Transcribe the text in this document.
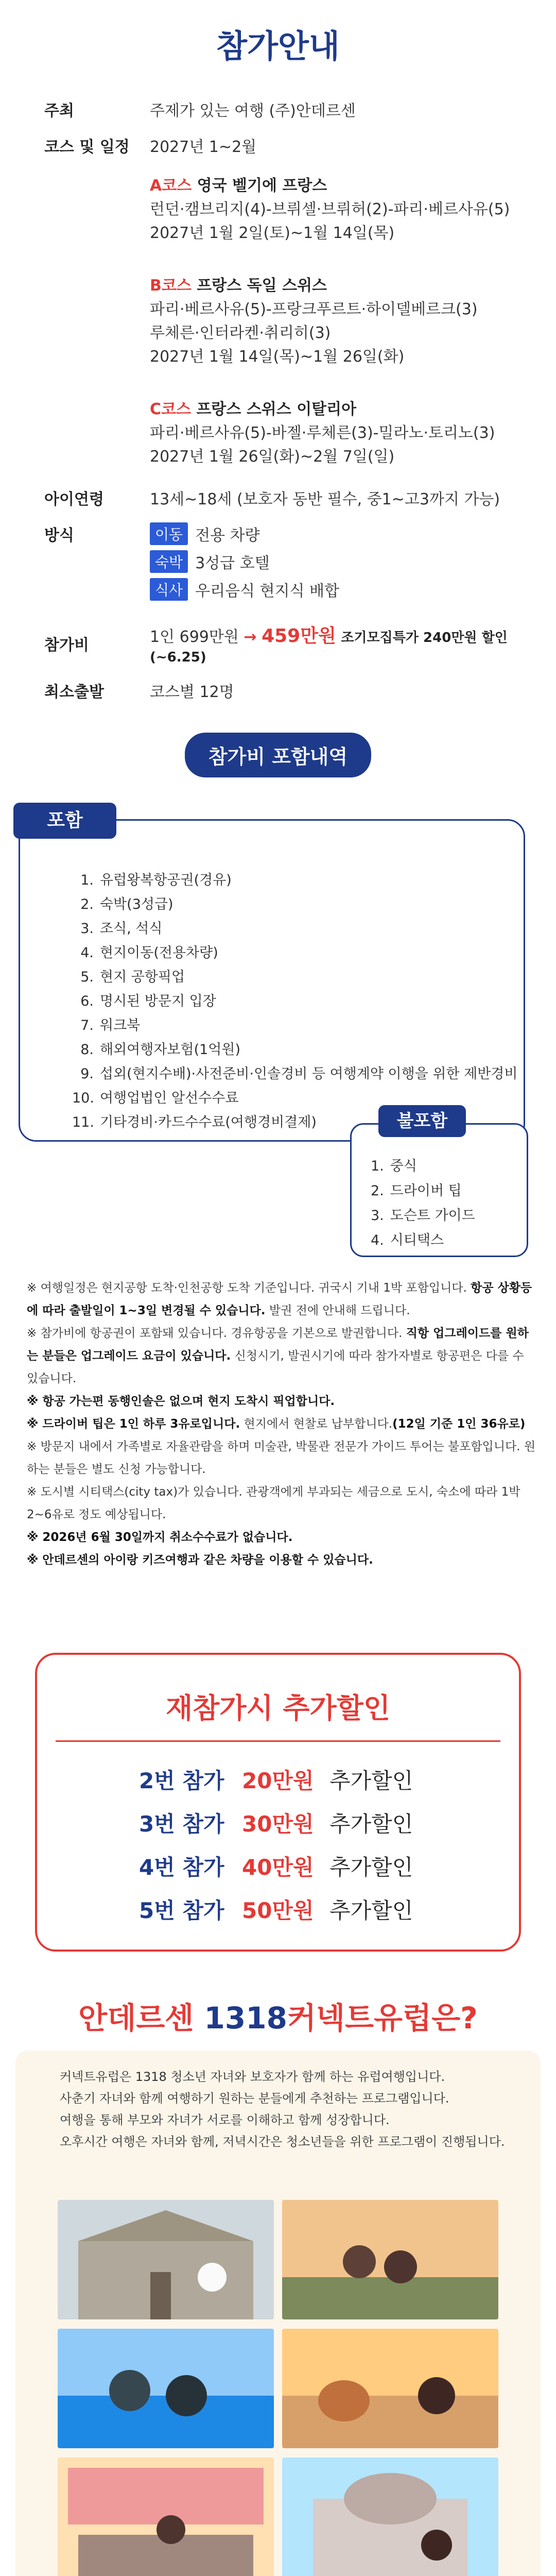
참가안내
주최	주제가 있는 여행 (주)안데르센
코스 및 일정	2027년 1~2월
A코스 영국 벨기에 프랑스
런던·캠브리지(4)-브뤼셀·브뤼허(2)-파리·베르사유(5)
2027년 1월 2일(토)~1월 14일(목)
B코스 프랑스 독일 스위스
파리·베르사유(5)-프랑크푸르트·하이델베르크(3)
루체른·인터라켄·취리히(3)
2027년 1월 14일(목)~1월 26일(화)
C코스 프랑스 스위스 이탈리아
파리·베르사유(5)-바젤·루체른(3)-밀라노·토리노(3)
2027년 1월 26일(화)~2월 7일(일)
아이연령	13세~18세 (보호자 동반 필수, 중1~고3까지 가능)
방식	이동 전용 차량
숙박 3성급 호텔
식사 우리음식 현지식 배합
참가비	1인 699만원 → 459만원 조기모집특가 240만원 할인 (~6.25)
최소출발	코스별 12명
참가비 포함내역
포함
1. 유럽왕복항공권(경유)
2. 숙박(3성급)
3. 조식, 석식
4. 현지이동(전용차량)
5. 현지 공항픽업
6. 명시된 방문지 입장
7. 워크북
8. 해외여행자보험(1억원)
9. 섭외(현지수배)·사전준비·인솔경비 등 여행계약 이행을 위한 제반경비
10. 여행업법인 알선수수료
11. 기타경비·카드수수료(여행경비결제)	불포함
1. 중식
2. 드라이버 팁
3. 도슨트 가이드
4. 시티택스

※ 여행일정은 현지공항 도착·인천공항 도착 기준입니다. 귀국시 기내 1박 포함입니다. 항공 상황등에 따라 출발일이 1~3일 변경될 수 있습니다. 발권 전에 안내해 드립니다.

※ 참가비에 항공권이 포함돼 있습니다. 경유항공을 기본으로 발권합니다. 직항 업그레이드를 원하는 분들은 업그레이드 요금이 있습니다. 신청시기, 발권시기에 따라 참가자별로 항공편은 다를 수 있습니다.

※ 항공 가는편 동행인솔은 없으며 현지 도착시 픽업합니다.

※ 드라이버 팁은 1인 하루 3유로입니다. 현지에서 현찰로 납부합니다.(12일 기준 1인 36유로)

※ 방문지 내에서 가족별로 자율관람을 하며 미술관, 박물관 전문가 가이드 투어는 불포함입니다. 원하는 분들은 별도 신청 가능합니다.

※ 도시별 시티택스(city tax)가 있습니다. 관광객에게 부과되는 세금으로 도시, 숙소에 따라 1박 2~6유로 정도 예상됩니다.

※ 2026년 6월 30일까지 취소수수료가 없습니다.

※ 안데르센의 아이랑 키즈여행과 같은 차량을 이용할 수 있습니다.

재참가시 추가할인
2번 참가 20만원 추가할인
3번 참가 30만원 추가할인
4번 참가 40만원 추가할인
5번 참가 50만원 추가할인
안데르센 1318커넥트유럽은?

커넥트유럽은 1318 청소년 자녀와 보호자가 함께 하는 유럽여행입니다.

사춘기 자녀와 함께 여행하기 원하는 분들에게 추천하는 프로그램입니다.

여행을 통해 부모와 자녀가 서로를 이해하고 함께 성장합니다.

오후시간 여행은 자녀와 함께, 저녁시간은 청소년들을 위한 프로그램이 진행됩니다.
